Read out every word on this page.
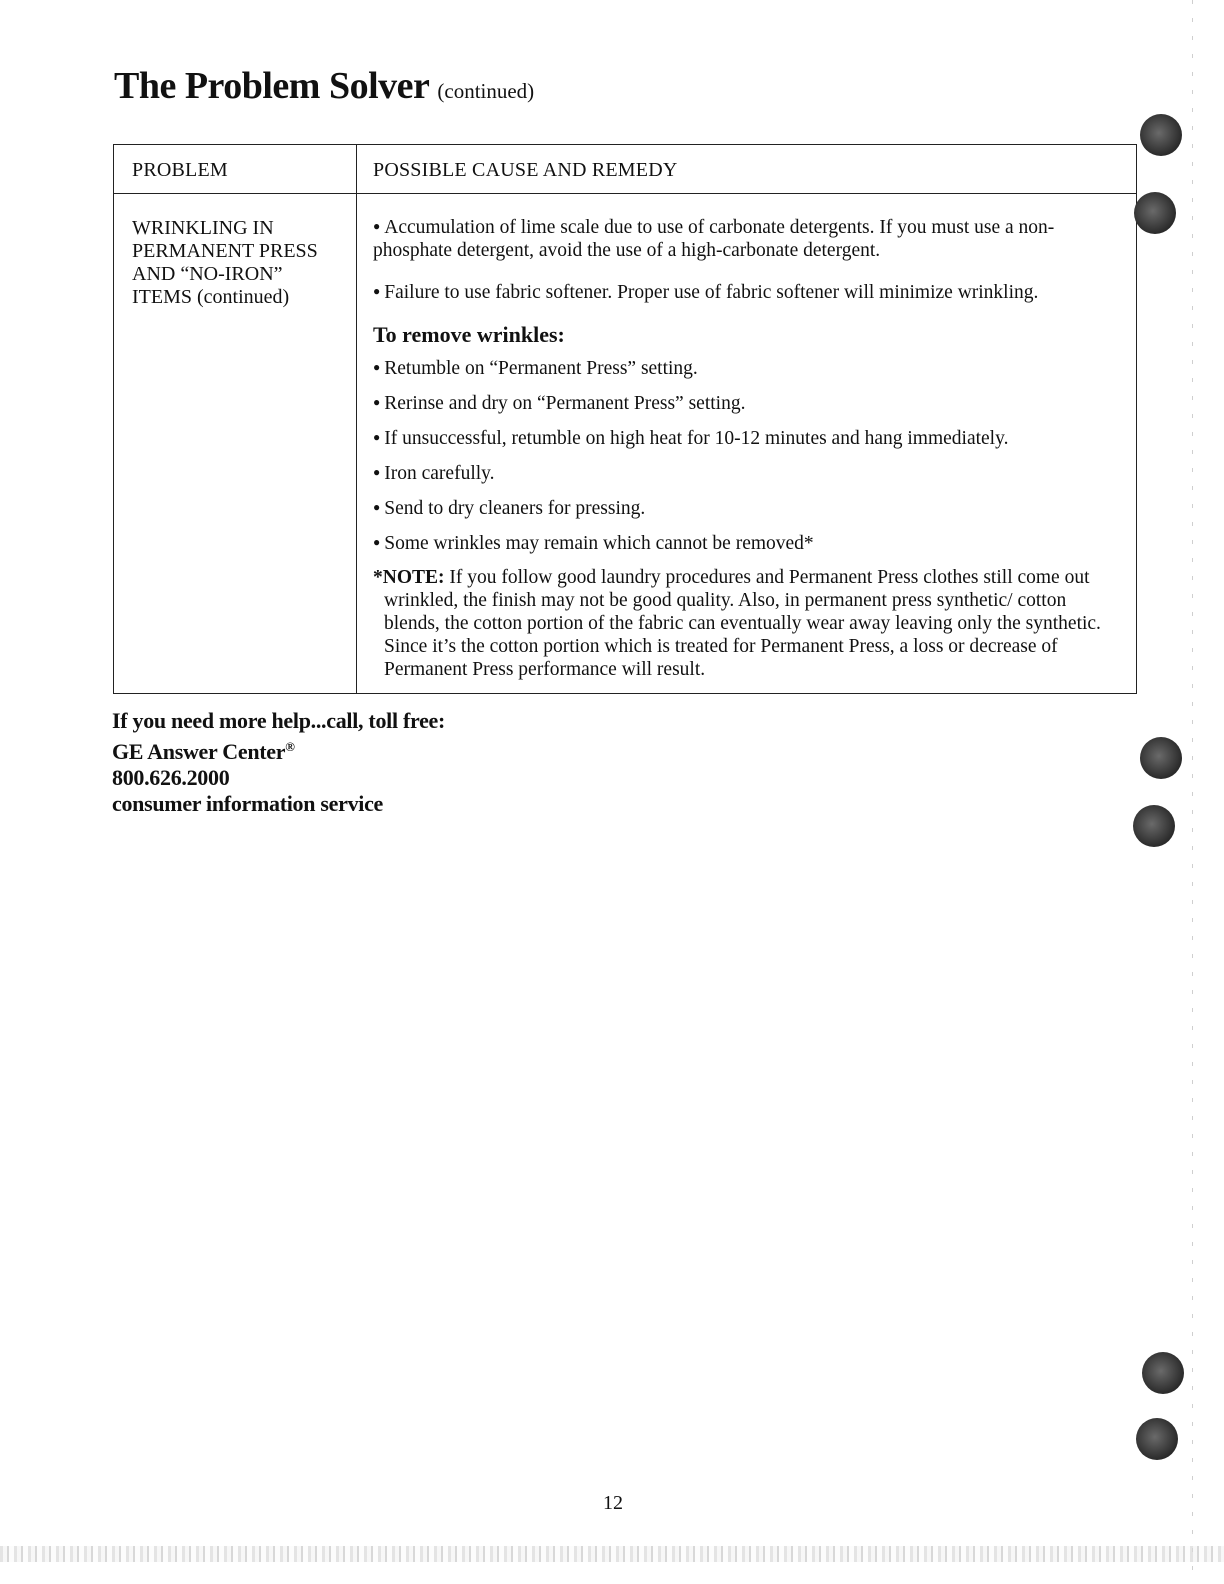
The Problem Solver (continued)
PROBLEM	POSSIBLE CAUSE AND REMEDY
WRINKLING IN
PERMANENT PRESS
AND “NO-IRON”
ITEMS (continued)

● Accumulation of lime scale due to use of carbonate detergents. If you must use a non-phosphate detergent, avoid the use of a high-carbonate detergent.

● Failure to use fabric softener. Proper use of fabric softener will minimize wrinkling.

To remove wrinkles:

● Retumble on “Permanent Press” setting.

● Rerinse and dry on “Permanent Press” setting.

● If unsuccessful, retumble on high heat for 10-12 minutes and hang immediately.

● Iron carefully.

● Send to dry cleaners for pressing.

● Some wrinkles may remain which cannot be removed*

*NOTE: If you follow good laundry procedures and Permanent Press clothes still come out wrinkled, the finish may not be good quality. Also, in permanent press synthetic/ cotton blends, the cotton portion of the fabric can eventually wear away leaving only the synthetic. Since it’s the cotton portion which is treated for Permanent Press, a loss or decrease of Permanent Press performance will result.

If you need more help...call, toll free:
GE Answer Center®
800.626.2000
consumer information service
12
